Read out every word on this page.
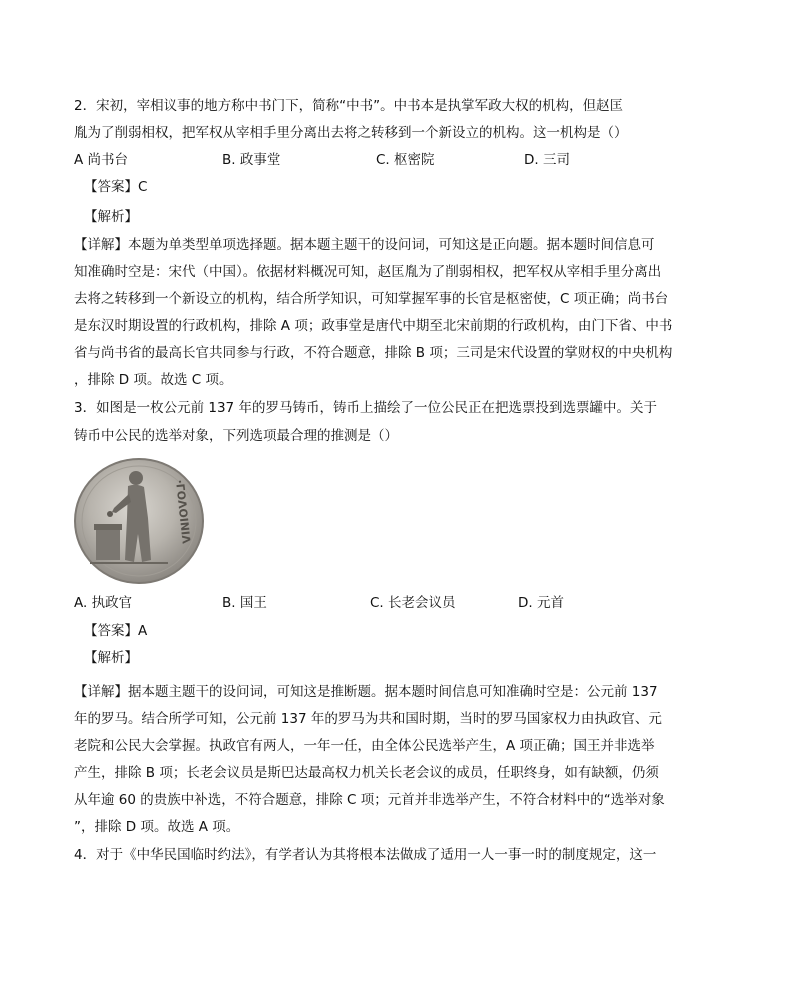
2．宋初，宰相议事的地方称中书门下，简称“中书”。中书本是执掌军政大权的机构，但赵匡
胤为了削弱相权，把军权从宰相手里分离出去将之转移到一个新设立的机构。这一机构是（）
A 尚书台	B. 政事堂	C. 枢密院	D. 三司
【答案】C
【解析】
【详解】本题为单类型单项选择题。据本题主题干的设问词，可知这是正向题。据本题时间信息可
知准确时空是：宋代（中国）。依据材料概况可知，赵匡胤为了削弱相权，把军权从宰相手里分离出
去将之转移到一个新设立的机构，结合所学知识，可知掌握军事的长官是枢密使，C 项正确；尚书台
是东汉时期设置的行政机构，排除 A 项；政事堂是唐代中期至北宋前期的行政机构，由门下省、中书
省与尚书省的最高长官共同参与行政，不符合题意，排除 B 项；三司是宋代设置的掌财权的中央机构
，排除 D 项。故选 C 项。
3．如图是一枚公元前 137 年的罗马铸币，铸币上描绘了一位公民正在把选票投到选票罐中。关于
铸币中公民的选举对象，下列选项最合理的推测是（）
·ΓΟΛΟΙΝΙΛ
A. 执政官	B. 国王	C. 长老会议员	D. 元首
【答案】A
【解析】
【详解】据本题主题干的设问词，可知这是推断题。据本题时间信息可知准确时空是：公元前 137
年的罗马。结合所学可知，公元前 137 年的罗马为共和国时期，当时的罗马国家权力由执政官、元
老院和公民大会掌握。执政官有两人，一年一任，由全体公民选举产生，A 项正确；国王并非选举
产生，排除 B 项；长老会议员是斯巴达最高权力机关长老会议的成员，任职终身，如有缺额，仍须
从年逾 60 的贵族中补选，不符合题意，排除 C 项；元首并非选举产生，不符合材料中的“选举对象
”，排除 D 项。故选 A 项。
4．对于《中华民国临时约法》，有学者认为其将根本法做成了适用一人一事一时的制度规定，这一
